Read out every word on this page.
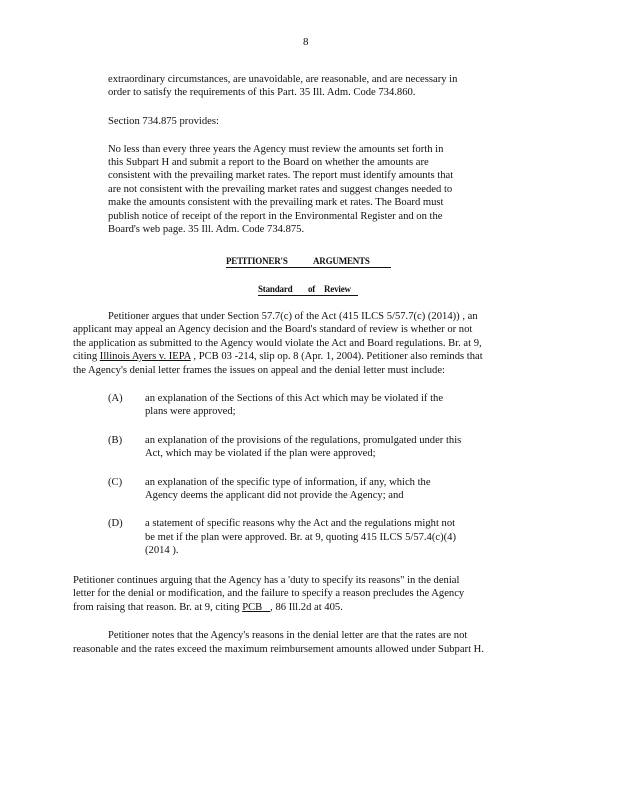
8
extraordinary circumstances, are unavoidable, are reasonable, and are necessary in
order to satisfy the requirements of this Part. 35 Ill. Adm. Code 734.860.
Section 734.875 provides:
No less than every three years the Agency must review the amounts set forth in
this Subpart H and submit a report to the Board on whether the amounts are
consistent with the prevailing market rates. The report must identify amounts that
are not consistent with the prevailing market rates and suggest changes needed to
make the amounts consistent with the prevailing mark et rates. The Board must
publish notice of receipt of the report in the Environmental Register and on the
Board's web page. 35 Ill. Adm. Code 734.875.
PETITIONER'S	ARGUMENTS
Standard of Review
Petitioner argues that under Section 57.7(c) of the Act (415 ILCS 5/57.7(c) (2014)) , an
applicant may appeal an Agency decision and the Board's standard of review is whether or not
the application as submitted to the Agency would violate the Act and Board regulations. Br. at 9,
citing Illinois Ayers v. IEPA , PCB 03 -214, slip op. 8 (Apr. 1, 2004). Petitioner also reminds that
the Agency's denial letter frames the issues on appeal and the denial letter must include:
(A) an explanation of the Sections of this Act which may be violated if the
plans were approved;
(B) an explanation of the provisions of the regulations, promulgated under this
Act, which may be violated if the plan were approved;
(C) an explanation of the specific type of information, if any, which the
Agency deems the applicant did not provide the Agency; and
(D) a statement of specific reasons why the Act and the regulations might not
be met if the plan were approved. Br. at 9, quoting 415 ILCS 5/57.4(c)(4)
(2014 ).
Petitioner continues arguing that the Agency has a 'duty to specify its reasons" in the denial
letter for the denial or modification, and the failure to specify a reason precludes the Agency
from raising that reason. Br. at 9, citing PCB , 86 Ill.2d at 405.
Petitioner notes that the Agency's reasons in the denial letter are that the rates are not
reasonable and the rates exceed the maximum reimbursement amounts allowed under Subpart H.
